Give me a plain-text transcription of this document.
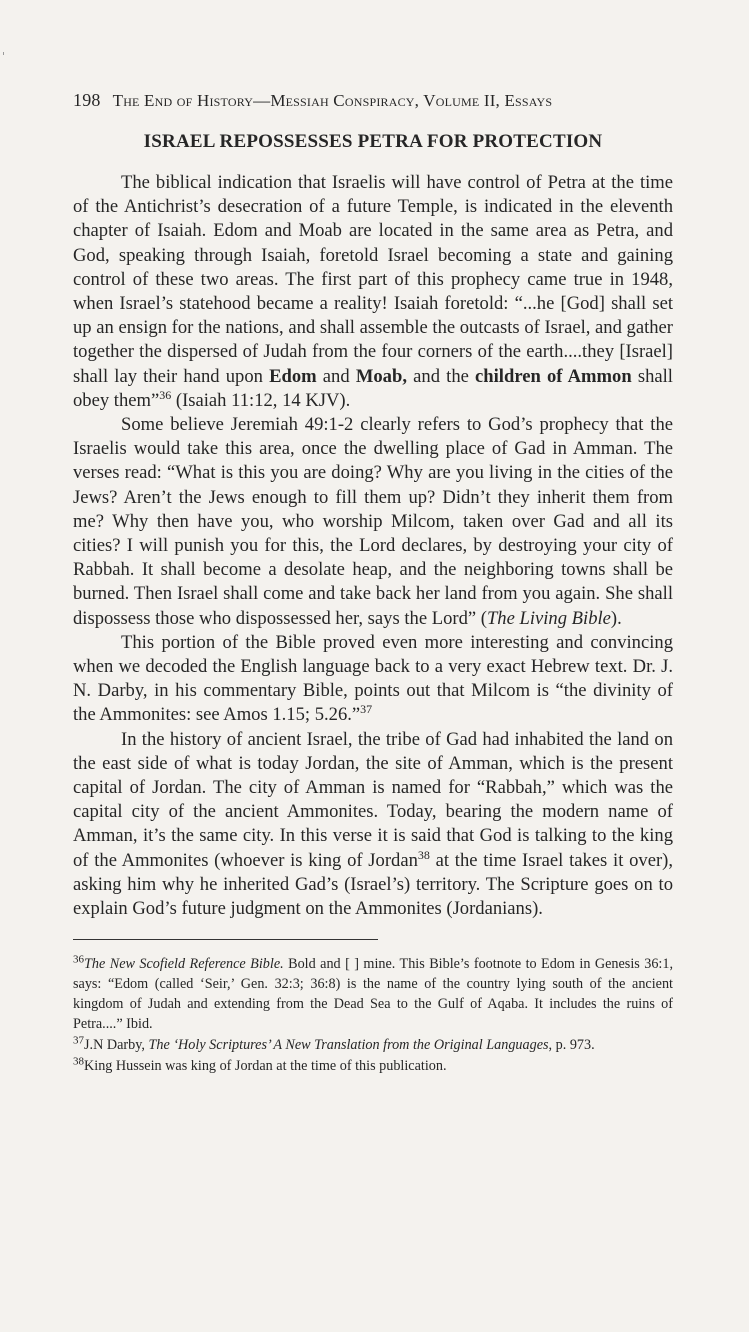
198 The End of History—Messiah Conspiracy, Volume II, Essays
ISRAEL REPOSSESSES PETRA FOR PROTECTION

The biblical indication that Israelis will have control of Petra at the time of the Antichrist’s desecration of a future Temple, is indicated in the eleventh chapter of Isaiah. Edom and Moab are located in the same area as Petra, and God, speaking through Isaiah, foretold Israel becoming a state and gaining control of these two areas. The first part of this prophecy came true in 1948, when Israel’s statehood became a reality! Isaiah foretold: “...he [God] shall set up an ensign for the nations, and shall assemble the outcasts of Israel, and gather together the dispersed of Judah from the four corners of the earth....they [Israel] shall lay their hand upon Edom and Moab, and the children of Ammon shall obey them”$^{36}$ (Isaiah 11:12, 14 KJV).

Some believe Jeremiah 49:1-2 clearly refers to God’s prophecy that the Israelis would take this area, once the dwelling place of Gad in Amman. The verses read: “What is this you are doing? Why are you living in the cities of the Jews? Aren’t the Jews enough to fill them up? Didn’t they inherit them from me? Why then have you, who worship Milcom, taken over Gad and all its cities? I will punish you for this, the Lord declares, by destroying your city of Rabbah. It shall become a desolate heap, and the neighboring towns shall be burned. Then Israel shall come and take back her land from you again. She shall dispossess those who dispossessed her, says the Lord” (The Living Bible).

This portion of the Bible proved even more interesting and convincing when we decoded the English language back to a very exact Hebrew text. Dr. J. N. Darby, in his commentary Bible, points out that Milcom is “the divinity of the Ammonites: see Amos 1.15; 5.26.”$^{37}$

In the history of ancient Israel, the tribe of Gad had inhabited the land on the east side of what is today Jordan, the site of Amman, which is the present capital of Jordan. The city of Amman is named for “Rabbah,” which was the capital city of the ancient Ammonites. Today, bearing the modern name of Amman, it’s the same city. In this verse it is said that God is talking to the king of the Ammonites (whoever is king of Jordan$^{38}$ at the time Israel takes it over), asking him why he inherited Gad’s (Israel’s) territory. The Scripture goes on to explain God’s future judgment on the Ammonites (Jordanians).

$^{36}$The New Scofield Reference Bible. Bold and [ ] mine. This Bible’s footnote to Edom in Genesis 36:1, says: “Edom (called ‘Seir,’ Gen. 32:3; 36:8) is the name of the country lying south of the ancient kingdom of Judah and extending from the Dead Sea to the Gulf of Aqaba. It includes the ruins of Petra....” Ibid.

$^{37}$J.N Darby, The ‘Holy Scriptures’ A New Translation from the Original Languages, p. 973.

$^{38}$King Hussein was king of Jordan at the time of this publication.
